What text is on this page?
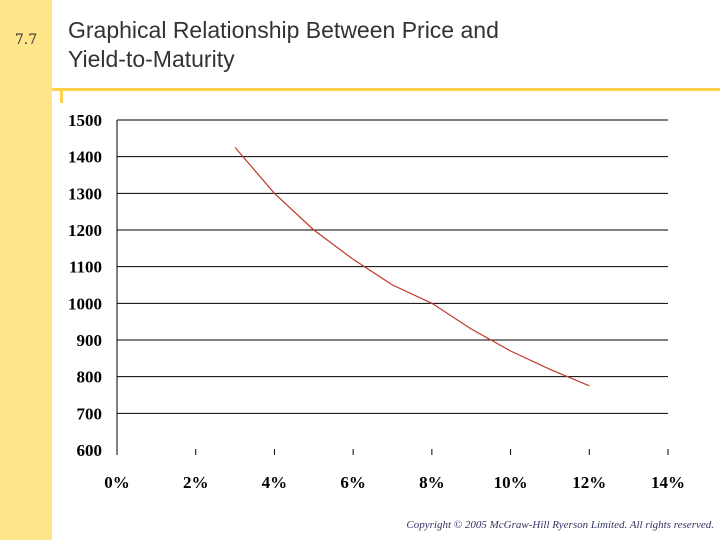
7.7	Graphical Relationship Between Price and
Yield-to-Maturity
600
700
800
900
1000
1100
1200
1300
1400
1500
0%	2%	4%	6%	8%	10%	12%	14%
Copyright © 2005 McGraw-Hill Ryerson Limited. All rights reserved.
